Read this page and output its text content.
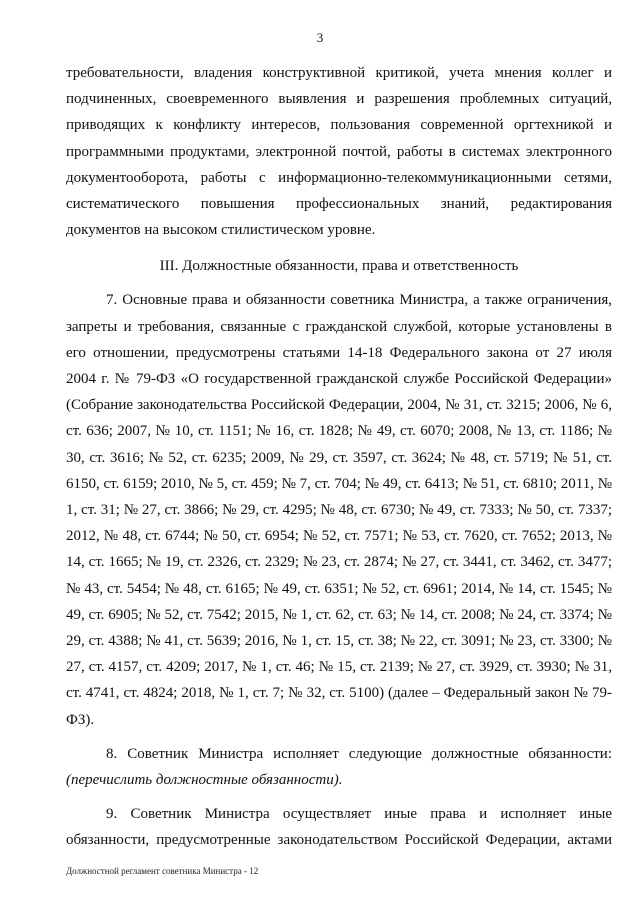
3

требовательности, владения конструктивной критикой, учета мнения коллег и подчиненных, своевременного выявления и разрешения проблемных ситуаций, приводящих к конфликту интересов, пользования современной оргтехникой и программными продуктами, электронной почтой, работы в системах электронного документооборота, работы с информационно-телекоммуникационными сетями, систематического повышения профессиональных знаний, редактирования документов на высоком стилистическом уровне.

III. Должностные обязанности, права и ответственность

7. Основные права и обязанности советника Министра, а также ограничения, запреты и требования, связанные с гражданской службой, которые установлены в его отношении, предусмотрены статьями 14-18 Федерального закона от 27 июля 2004 г. № 79-ФЗ «О государственной гражданской службе Российской Федерации» (Собрание законодательства Российской Федерации, 2004, № 31, ст. 3215; 2006, № 6, ст. 636; 2007, № 10, ст. 1151; № 16, ст. 1828; № 49, ст. 6070; 2008, № 13, ст. 1186; № 30, ст. 3616; № 52, ст. 6235; 2009, № 29, ст. 3597, ст. 3624; № 48, ст. 5719; № 51, ст. 6150, ст. 6159; 2010, № 5, ст. 459; № 7, ст. 704; № 49, ст. 6413; № 51, ст. 6810; 2011, № 1, ст. 31; № 27, ст. 3866; № 29, ст. 4295; № 48, ст. 6730; № 49, ст. 7333; № 50, ст. 7337; 2012, № 48, ст. 6744; № 50, ст. 6954; № 52, ст. 7571; № 53, ст. 7620, ст. 7652; 2013, № 14, ст. 1665; № 19, ст. 2326, ст. 2329; № 23, ст. 2874; № 27, ст. 3441, ст. 3462, ст. 3477; № 43, ст. 5454; № 48, ст. 6165; № 49, ст. 6351; № 52, ст. 6961; 2014, № 14, ст. 1545; № 49, ст. 6905; № 52, ст. 7542; 2015, № 1, ст. 62, ст. 63; № 14, ст. 2008; № 24, ст. 3374; № 29, ст. 4388; № 41, ст. 5639; 2016, № 1, ст. 15, ст. 38; № 22, ст. 3091; № 23, ст. 3300; № 27, ст. 4157, ст. 4209; 2017, № 1, ст. 46; № 15, ст. 2139; № 27, ст. 3929, ст. 3930; № 31, ст. 4741, ст. 4824; 2018, № 1, ст. 7; № 32, ст. 5100) (далее – Федеральный закон № 79-ФЗ).

8. Советник Министра исполняет следующие должностные обязанности: (перечислить должностные обязанности).

9. Советник Министра осуществляет иные права и исполняет иные обязанности, предусмотренные законодательством Российской Федерации, актами

Должностной регламент советника Министра - 12
